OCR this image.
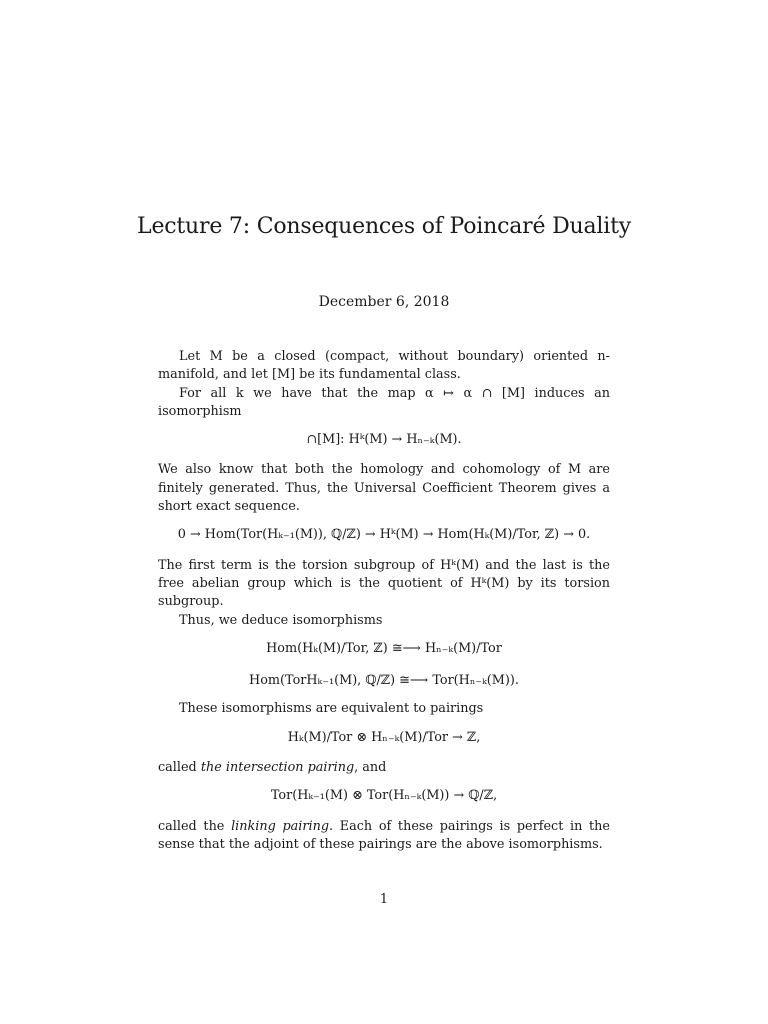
Lecture 7: Consequences of Poincaré Duality
December 6, 2018

Let M be a closed (compact, without boundary) oriented n-manifold, and let [M] be its fundamental class.

For all k we have that the map α ↦ α ∩ [M] induces an isomorphism

∩[M]: Hᵏ(M) → Hₙ₋ₖ(M).

We also know that both the homology and cohomology of M are finitely generated. Thus, the Universal Coefficient Theorem gives a short exact sequence.

0 → Hom(Tor(Hₖ₋₁(M)), ℚ/ℤ) → Hᵏ(M) → Hom(Hₖ(M)/Tor, ℤ) → 0.

The first term is the torsion subgroup of Hᵏ(M) and the last is the free abelian group which is the quotient of Hᵏ(M) by its torsion subgroup.

Thus, we deduce isomorphisms

Hom(Hₖ(M)/Tor, ℤ) ≅⟶ Hₙ₋ₖ(M)/Tor
Hom(TorHₖ₋₁(M), ℚ/ℤ) ≅⟶ Tor(Hₙ₋ₖ(M)).

These isomorphisms are equivalent to pairings

Hₖ(M)/Tor ⊗ Hₙ₋ₖ(M)/Tor → ℤ,

called the intersection pairing, and

Tor(Hₖ₋₁(M) ⊗ Tor(Hₙ₋ₖ(M)) → ℚ/ℤ,

called the linking pairing. Each of these pairings is perfect in the sense that the adjoint of these pairings are the above isomorphisms.

1
